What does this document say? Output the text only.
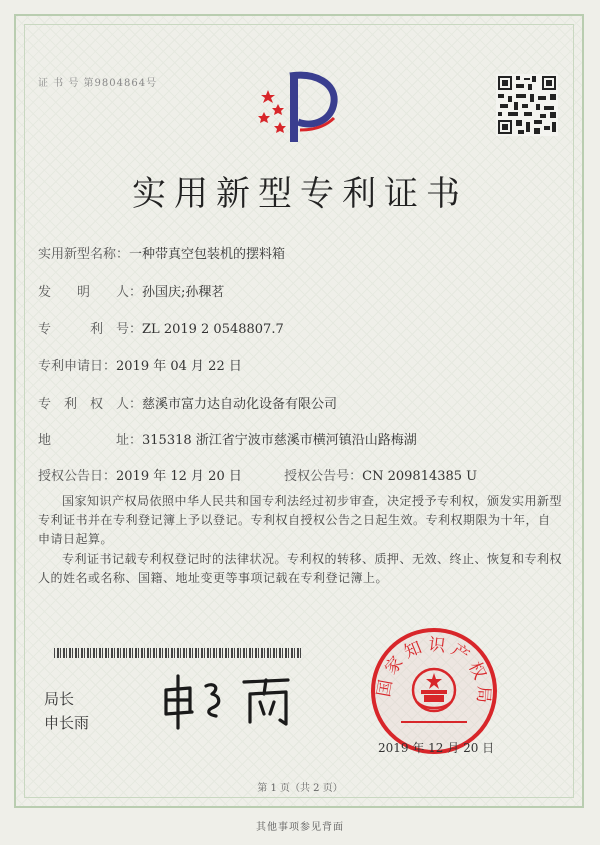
证 书 号 第9804864号
实用新型专利证书
实用新型名称：一种带真空包装机的摆料箱
发　　明　　人：孙国庆;孙稞茗
专　　　利　号：ZL 2019 2 0548807.7
专利申请日：2019 年 04 月 22 日
专　利　权　人：慈溪市富力达自动化设备有限公司
地　　　　　址：315318 浙江省宁波市慈溪市横河镇沿山路梅湖
授权公告日：2019 年 12 月 20 日	授权公告号：CN 209814385 U
国家知识产权局依照中华人民共和国专利法经过初步审查，决定授予专利权，颁发实用新型专利证书并在专利登记簿上予以登记。专利权自授权公告之日起生效。专利权期限为十年，自申请日起算。
专利证书记载专利权登记时的法律状况。专利权的转移、质押、无效、终止、恢复和专利权人的姓名或名称、国籍、地址变更等事项记载在专利登记簿上。
局长
申长雨
国家知识产权局
2019 年 12 月 20 日
第 1 页（共 2 页）
其他事项参见背面
